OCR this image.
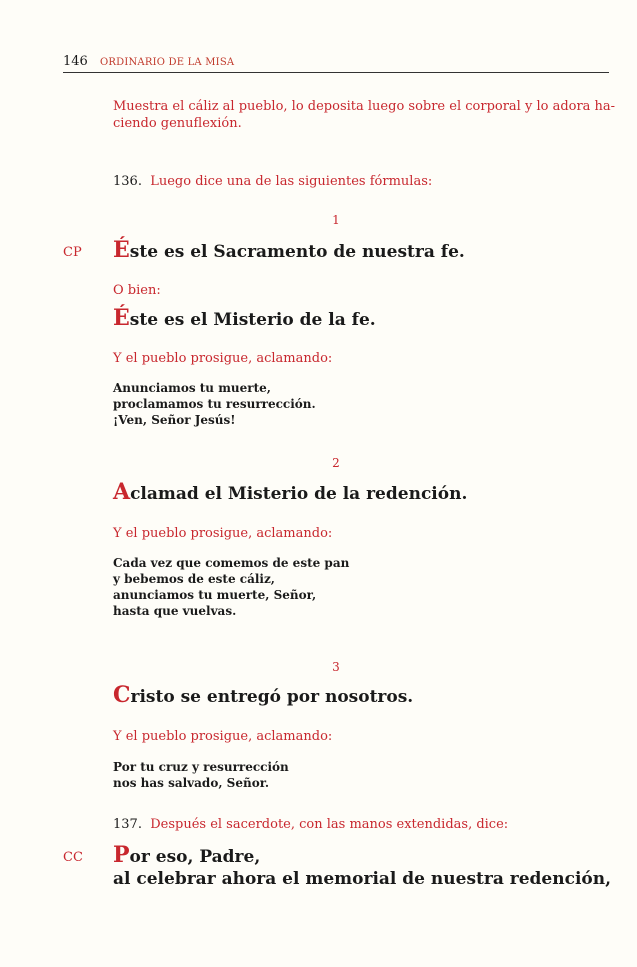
146 ORDINARIO DE LA MISA
Muestra el cáliz al pueblo, lo deposita luego sobre el corporal y lo adora ha-
ciendo genuflexión.
136. Luego dice una de las siguientes fórmulas:
1
CP Éste es el Sacramento de nuestra fe.
O bien:
Éste es el Misterio de la fe.
Y el pueblo prosigue, aclamando:
Anunciamos tu muerte,
proclamamos tu resurrección.
¡Ven, Señor Jesús!
2
Aclamad el Misterio de la redención.
Y el pueblo prosigue, aclamando:
Cada vez que comemos de este pan
y bebemos de este cáliz,
anunciamos tu muerte, Señor,
hasta que vuelvas.
3
Cristo se entregó por nosotros.
Y el pueblo prosigue, aclamando:
Por tu cruz y resurrección
nos has salvado, Señor.
137. Después el sacerdote, con las manos extendidas, dice:
CC Por eso, Padre,
al celebrar ahora el memorial de nuestra redención,
